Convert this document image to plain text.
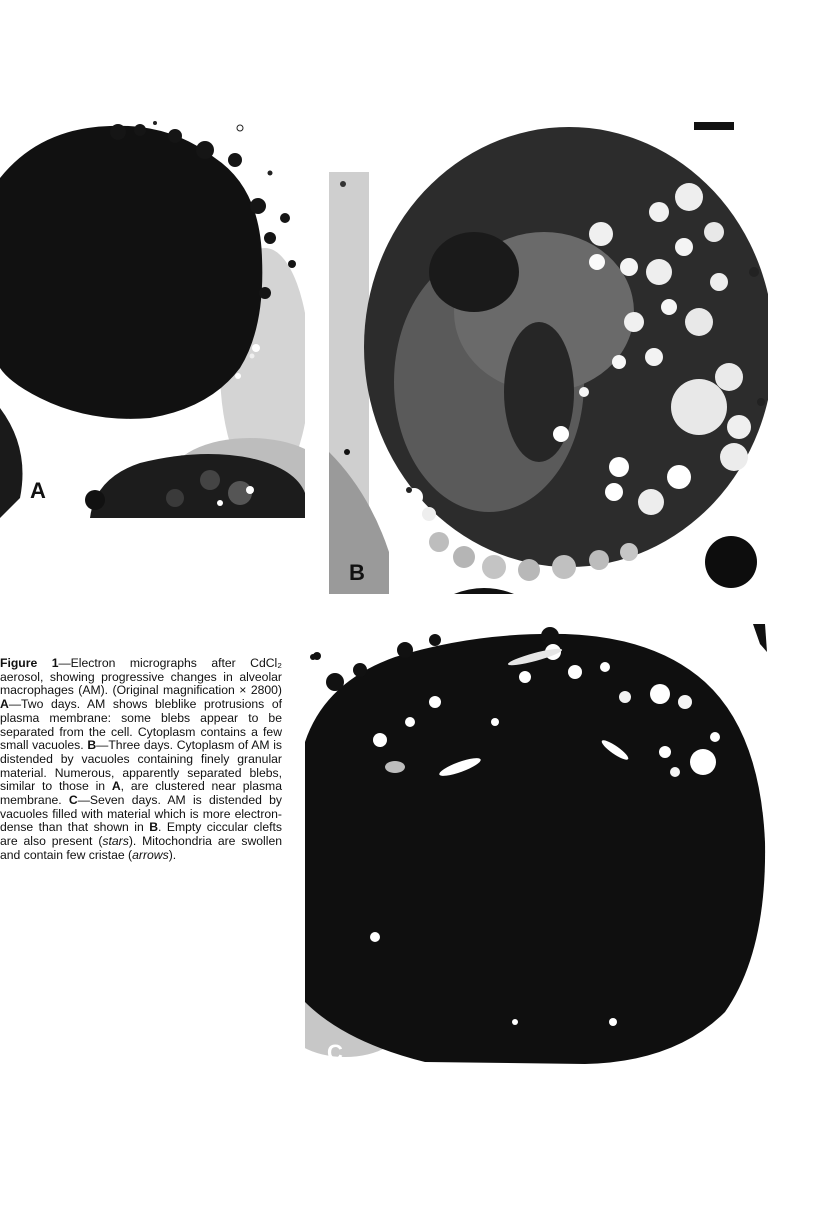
A
B
Figure 1—Electron micrographs after CdCl₂ aerosol, showing progressive changes in alveolar macrophages (AM). (Original magnification × 2800) A—Two days. AM shows bleblike protrusions of plasma membrane: some blebs appear to be separated from the cell. Cytoplasm contains a few small vacuoles. B—Three days. Cytoplasm of AM is distended by vacuoles containing finely granular material. Numerous, apparently separated blebs, similar to those in A, are clustered near plasma membrane. C—Seven days. AM is distended by vacuoles filled with material which is more electron-dense than that shown in B. Empty ciccular clefts are also present (stars). Mitochondria are swollen and contain few cristae (arrows).
C
